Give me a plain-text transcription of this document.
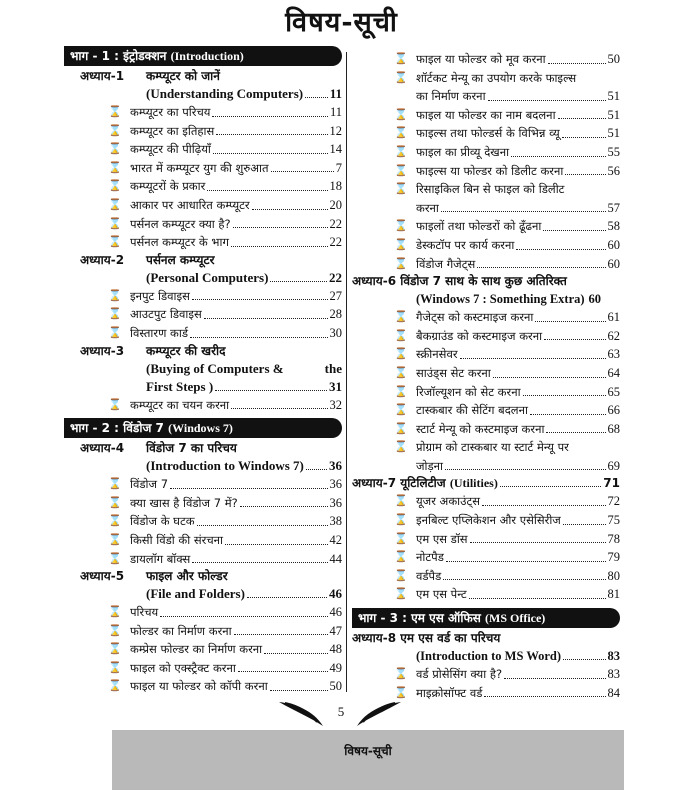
विषय-सूची
भाग - 1 : इंट्रोडक्शन (Introduction)
अध्याय-1 कम्प्यूटर को जानें
(Understanding Computers) 11
⌛ कम्प्यूटर का परिचय	11
⌛ कम्प्यूटर का इतिहास	12
⌛ कम्प्यूटर की पीढ़ियाँ	14
⌛ भारत में कम्प्यूटर युग की शुरुआत	7
⌛ कम्प्यूटरों के प्रकार	18
⌛ आकार पर आधारित कम्प्यूटर	20
⌛ पर्सनल कम्प्यूटर क्या है?	22
⌛ पर्सनल कम्प्यूटर के भाग	22
अध्याय-2 पर्सनल कम्प्यूटर
(Personal Computers)	22
⌛ इनपुट डिवाइस	27
⌛ आउटपुट डिवाइस	28
⌛ विस्तारण कार्ड	30
अध्याय-3 कम्प्यूटर की खरीद
(Buying of Computers &	the
First Steps )	31
⌛ कम्प्यूटर का चयन करना	32
भाग - 2 : विंडोज 7 (Windows 7)
अध्याय-4 विंडोज 7 का परिचय
(Introduction to Windows 7) 36
⌛ विंडोज 7	36
⌛ क्या खास है विंडोज 7 में?	36
⌛ विंडोज के घटक	38
⌛ किसी विंडो की संरचना	42
⌛ डायलॉग बॉक्स	44
अध्याय-5 फाइल और फोल्डर
(File and Folders)	46
⌛ परिचय	46
⌛ फोल्डर का निर्माण करना	47
⌛ कम्प्रेस फोल्डर का निर्माण करना	48
⌛ फाइल को एक्स्ट्रैक्ट करना	49
⌛ फाइल या फोल्डर को कॉपी करना	50
⌛ फाइल या फोल्डर को मूव करना	50
⌛ शॉर्टकट मेन्यू का उपयोग करके फाइल्स
का निर्माण करना	51
⌛ फाइल या फोल्डर का नाम बदलना	51
⌛ फाइल्स तथा फोल्डर्स के विभिन्न व्यू	51
⌛ फाइल का प्रीव्यू देखना	55
⌛ फाइल्स या फोल्डर को डिलीट करना	56
⌛ रिसाइकिल बिन से फाइल को डिलीट
करना	57
⌛ फाइलों तथा फोल्डरों को ढूँढना	58
⌛ डेस्कटॉप पर कार्य करना	60
⌛ विंडोज गैजेट्स	60
अध्याय-6 विंडोज 7 साथ के साथ कुछ अतिरिक्त
(Windows 7 : Something Extra) 60
⌛ गैजेट्स को कस्टमाइज करना	61
⌛ बैकग्राउंड को कस्टमाइज करना	62
⌛ स्क्रीनसेवर	63
⌛ साउंड्स सेट करना	64
⌛ रिजॉल्यूशन को सेट करना	65
⌛ टास्कबार की सेटिंग बदलना	66
⌛ स्टार्ट मेन्यू को कस्टमाइज करना	68
⌛ प्रोग्राम को टास्कबार या स्टार्ट मेन्यू पर
जोड़ना	69
अध्याय-7
यूटिलिटीज
(Utilities)	71
⌛ यूजर अकाउंट्स	72
⌛ इनबिल्ट एप्लिकेशन और एसेसिरीज	75
⌛ एम एस डॉस	78
⌛ नोटपैड	79
⌛ वर्डपैड	80
⌛ एम एस पेन्ट	81
भाग - 3 : एम एस ऑफिस (MS Office)
अध्याय-8 एम एस वर्ड का परिचय
(Introduction to MS Word)	83
⌛ वर्ड प्रोसेसिंग क्या है?	83
⌛ माइक्रोसॉफ्ट वर्ड	84
5
विषय-सूची
